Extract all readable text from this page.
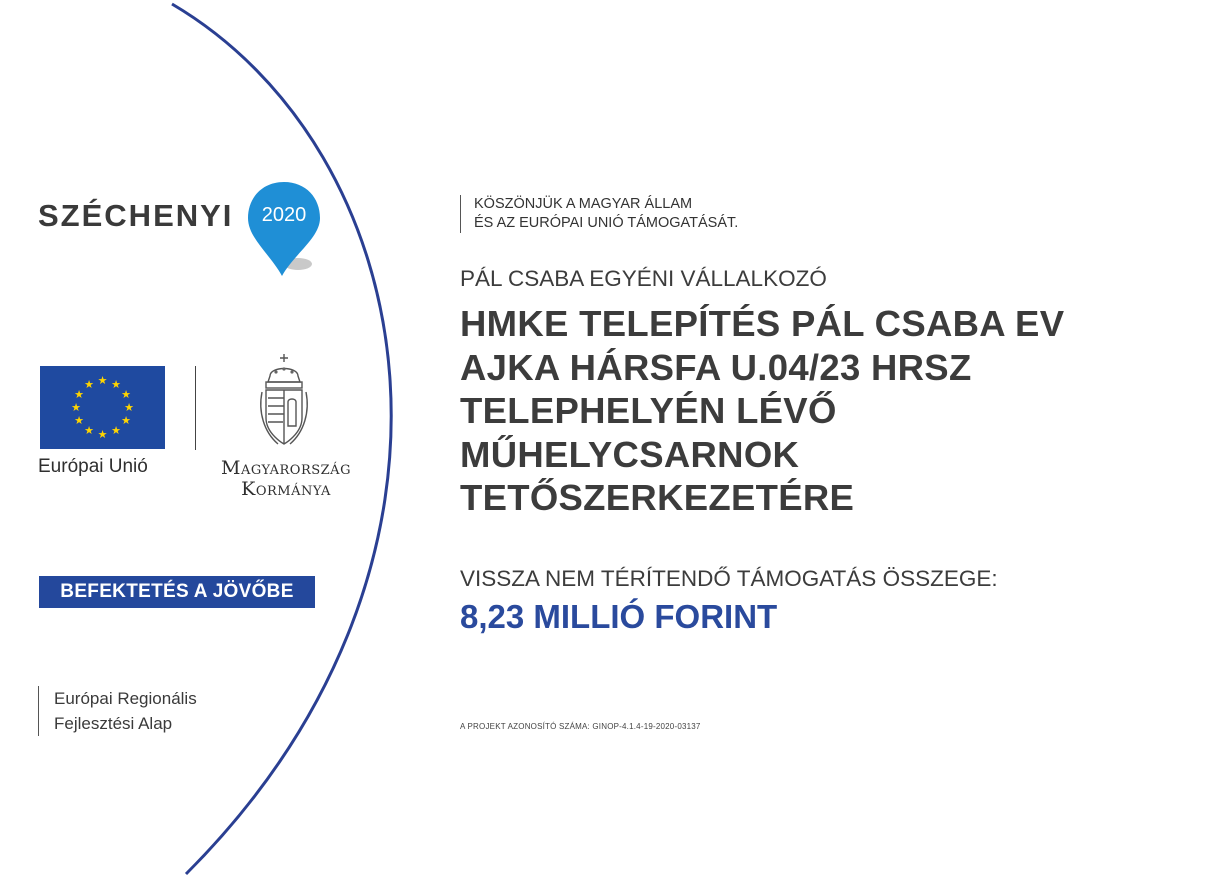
SZÉCHENYI	2020
★ ★
★
★
★
★
★
★
★
★
★
★
Európai Unió	Magyarország
Kormánya
BEFEKTETÉS A JÖVŐBE
Európai Regionális
Fejlesztési Alap
KÖSZÖNJÜK A MAGYAR ÁLLAM
ÉS AZ EURÓPAI UNIÓ TÁMOGATÁSÁT.
PÁL CSABA EGYÉNI VÁLLALKOZÓ
HMKE TELEPÍTÉS PÁL CSABA EV
AJKA HÁRSFA U.04/23 HRSZ
TELEPHELYÉN LÉVŐ
MŰHELYCSARNOK
TETŐSZERKEZETÉRE
VISSZA NEM TÉRÍTENDŐ TÁMOGATÁS ÖSSZEGE:
8,23 MILLIÓ FORINT
A PROJEKT AZONOSÍTÓ SZÁMA: GINOP-4.1.4-19-2020-03137
